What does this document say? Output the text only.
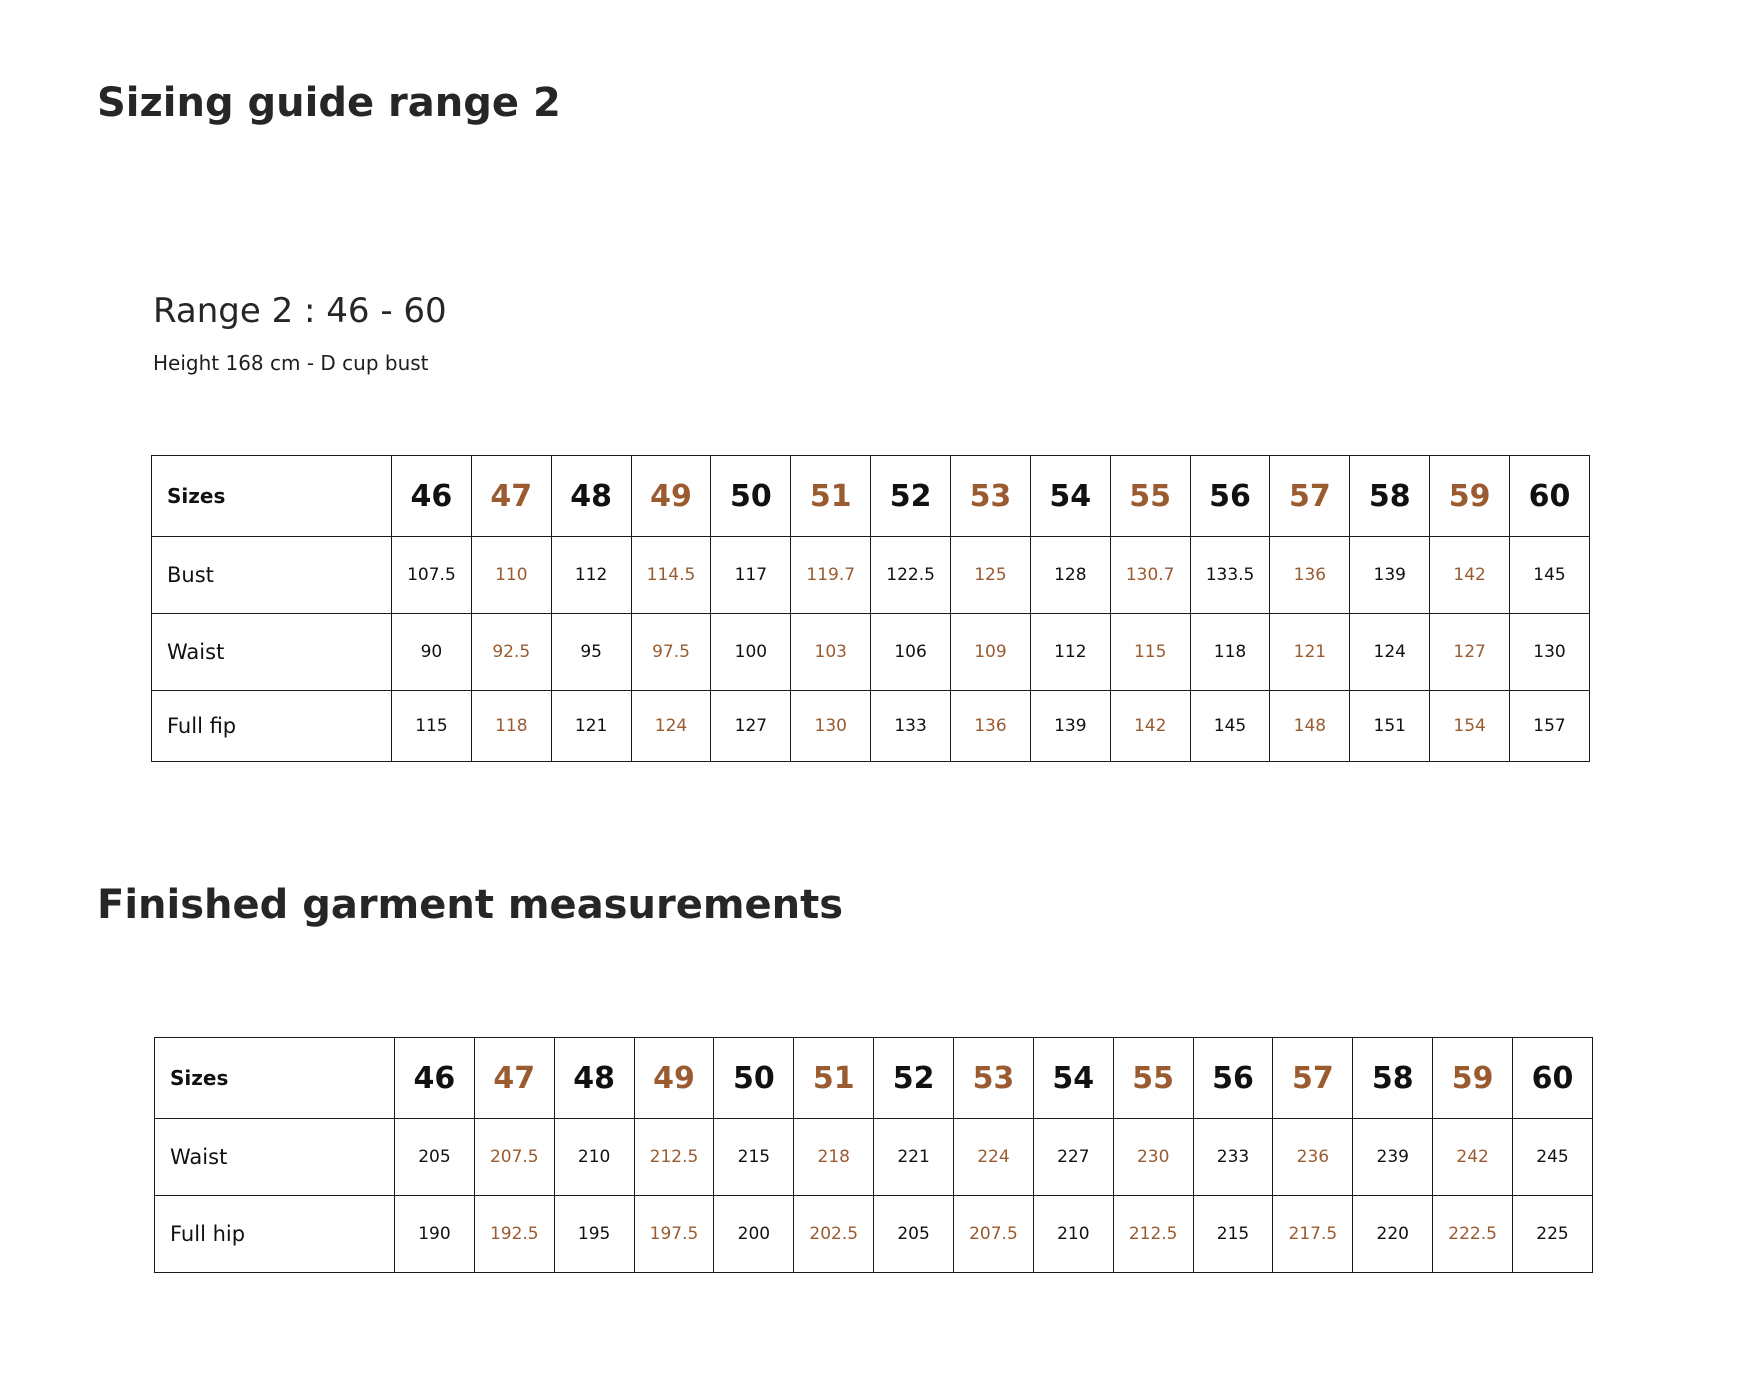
Sizing guide range 2
Range 2 : 46 - 60

Height 168 cm - D cup bust

Sizes	46	47	48	49	50	51	52	53	54	55	56	57	58	59	60
Bust	107.5	110	112	114.5	117	119.7	122.5	125	128	130.7	133.5	136	139	142	145
Waist	90	92.5	95	97.5	100	103	106	109	112	115	118	121	124	127	130
Full fip	115	118	121	124	127	130	133	136	139	142	145	148	151	154	157
Finished garment measurements
Sizes	46	47	48	49	50	51	52	53	54	55	56	57	58	59	60
Waist	205	207.5	210	212.5	215	218	221	224	227	230	233	236	239	242	245
Full hip	190	192.5	195	197.5	200	202.5	205	207.5	210	212.5	215	217.5	220	222.5	225
